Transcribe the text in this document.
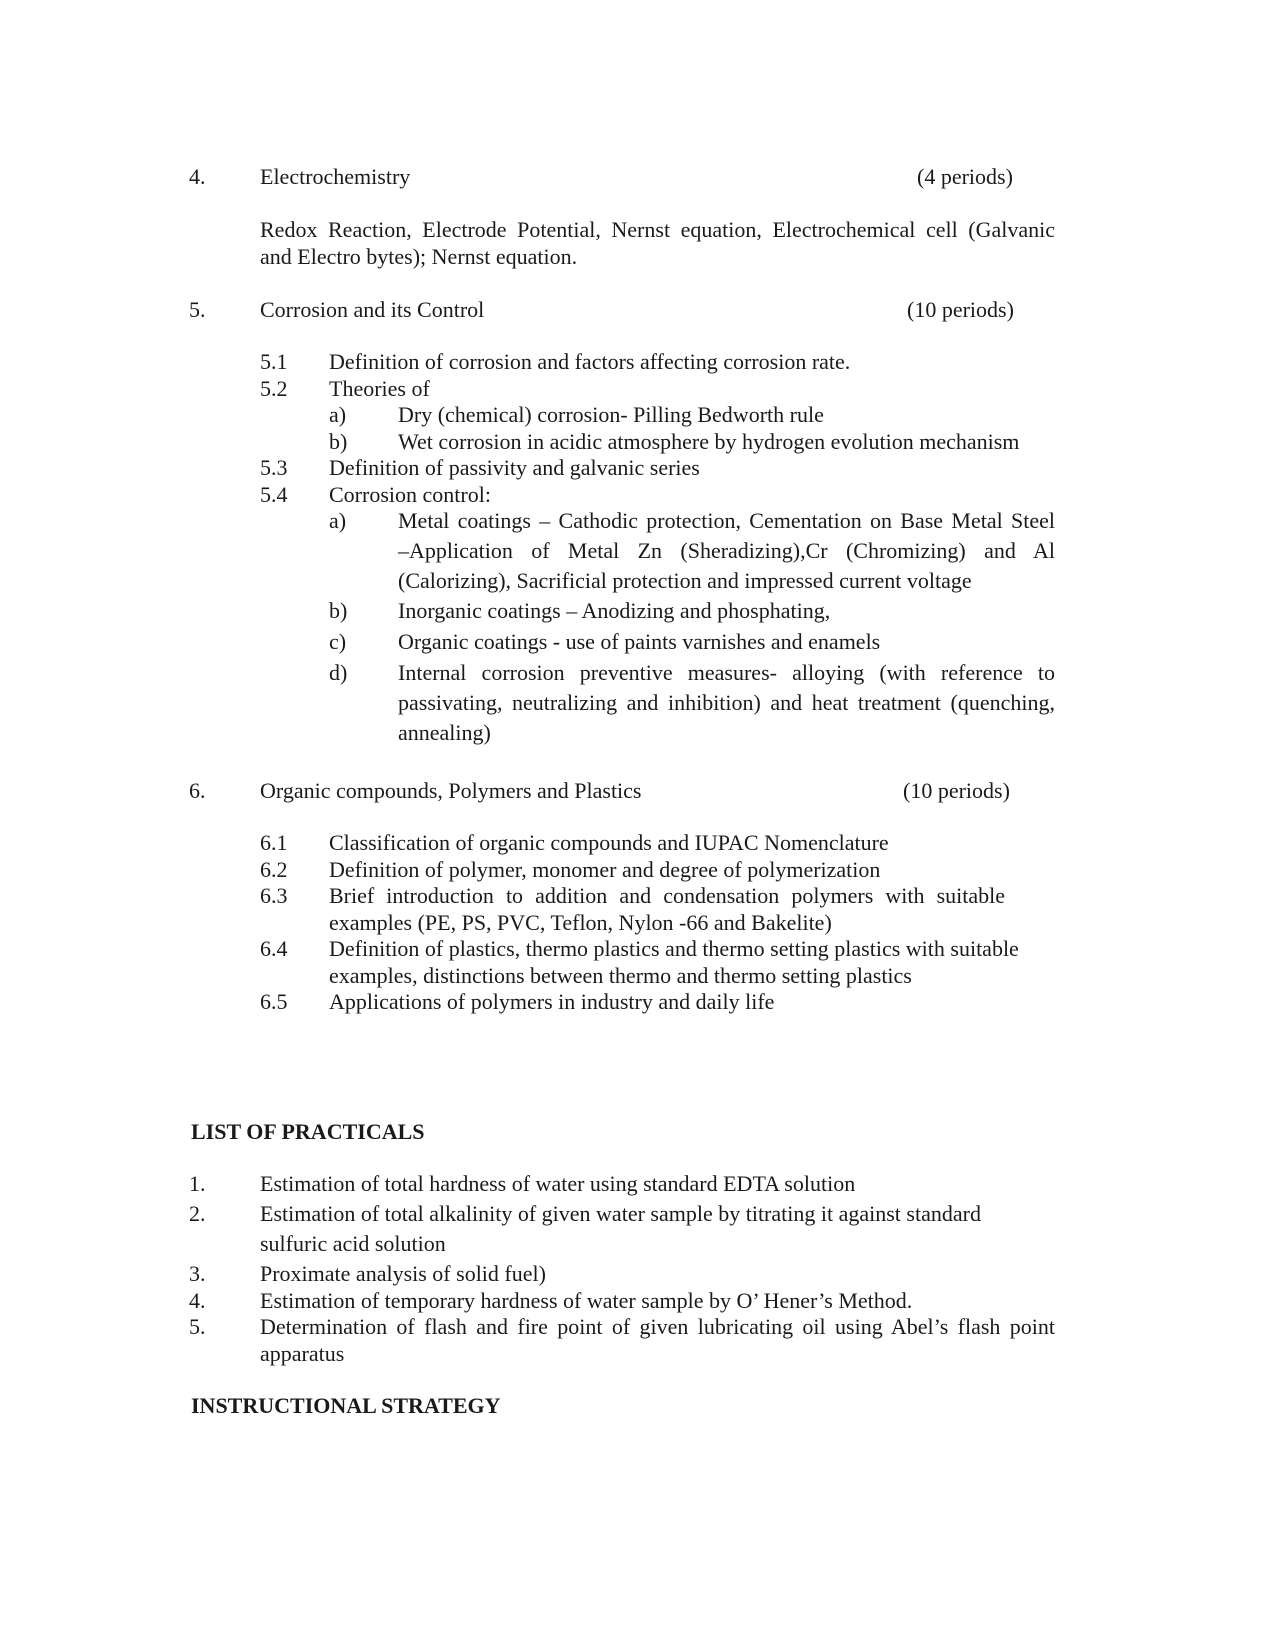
4. Electrochemistry	(4 periods)
Redox Reaction, Electrode Potential, Nernst equation, Electrochemical cell (Galvanic
and Electro bytes); Nernst equation.
5. Corrosion and its Control	(10 periods)
5.1 Definition of corrosion and factors affecting corrosion rate.
5.2 Theories of
a) Dry (chemical) corrosion- Pilling Bedworth rule
b) Wet corrosion in acidic atmosphere by hydrogen evolution mechanism
5.3 Definition of passivity and galvanic series
5.4 Corrosion control:
a) Metal coatings – Cathodic protection, Cementation on Base Metal Steel
–Application of Metal Zn (Sheradizing),Cr (Chromizing) and Al
(Calorizing), Sacrificial protection and impressed current voltage
b) Inorganic coatings – Anodizing and phosphating,
c) Organic coatings - use of paints varnishes and enamels
d) Internal corrosion preventive measures- alloying (with reference to
passivating, neutralizing and inhibition) and heat treatment (quenching,
annealing)
6. Organic compounds, Polymers and Plastics	(10 periods)
6.1 Classification of organic compounds and IUPAC Nomenclature
6.2 Definition of polymer, monomer and degree of polymerization
6.3 Brief introduction to addition and condensation polymers with suitable
examples (PE, PS, PVC, Teflon, Nylon -66 and Bakelite)
6.4 Definition of plastics, thermo plastics and thermo setting plastics with suitable
examples, distinctions between thermo and thermo setting plastics
6.5 Applications of polymers in industry and daily life
LIST OF PRACTICALS
1. Estimation of total hardness of water using standard EDTA solution
2. Estimation of total alkalinity of given water sample by titrating it against standard
sulfuric acid solution
3. Proximate analysis of solid fuel)
4. Estimation of temporary hardness of water sample by O’ Hener’s Method.
5. Determination of flash and fire point of given lubricating oil using Abel’s flash point
apparatus
INSTRUCTIONAL STRATEGY
